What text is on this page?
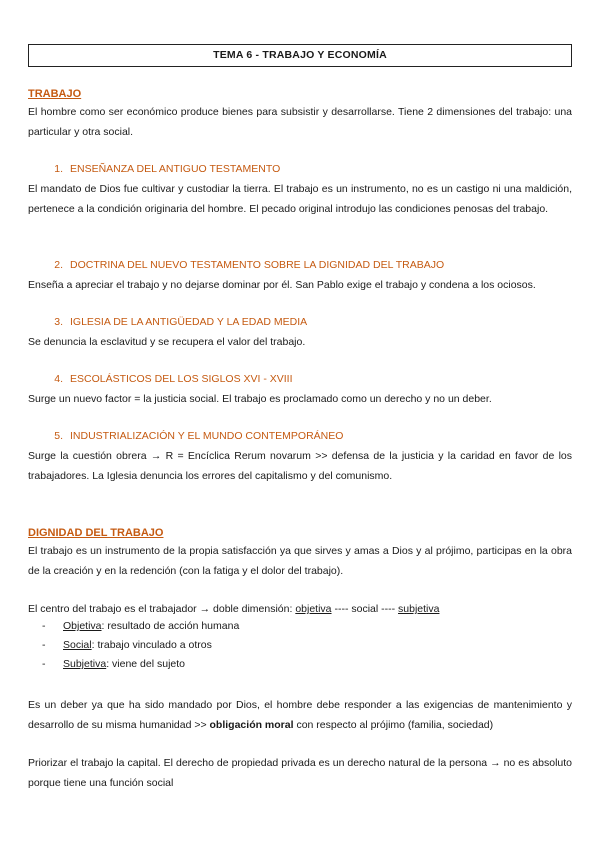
TEMA 6 - TRABAJO Y ECONOMÍA
TRABAJO
El hombre como ser económico produce bienes para subsistir y desarrollarse. Tiene 2 dimensiones del trabajo: una particular y otra social.
1. ENSEÑANZA DEL ANTIGUO TESTAMENTO
El mandato de Dios fue cultivar y custodiar la tierra. El trabajo es un instrumento, no es un castigo ni una maldición, pertenece a la condición originaria del hombre. El pecado original introdujo las condiciones penosas del trabajo.
2. DOCTRINA DEL NUEVO TESTAMENTO SOBRE LA DIGNIDAD DEL TRABAJO
Enseña a apreciar el trabajo y no dejarse dominar por él. San Pablo exige el trabajo y condena a los ociosos.
3. IGLESIA DE LA ANTIGÜEDAD Y LA EDAD MEDIA
Se denuncia la esclavitud y se recupera el valor del trabajo.
4. ESCOLÁSTICOS DEL LOS SIGLOS XVI - XVIII
Surge un nuevo factor = la justicia social. El trabajo es proclamado como un derecho y no un deber.
5. INDUSTRIALIZACIÓN Y EL MUNDO CONTEMPORÁNEO
Surge la cuestión obrera → R = Encíclica Rerum novarum >> defensa de la justicia y la caridad en favor de los trabajadores. La Iglesia denuncia los errores del capitalismo y del comunismo.
DIGNIDAD DEL TRABAJO
El trabajo es un instrumento de la propia satisfacción ya que sirves y amas a Dios y al prójimo, participas en la obra de la creación y en la redención (con la fatiga y el dolor del trabajo).
El centro del trabajo es el trabajador → doble dimensión: objetiva ---- social ---- subjetiva
- Objetiva: resultado de acción humana
- Social: trabajo vinculado a otros
- Subjetiva: viene del sujeto
Es un deber ya que ha sido mandado por Dios, el hombre debe responder a las exigencias de mantenimiento y desarrollo de su misma humanidad >> obligación moral con respecto al prójimo (familia, sociedad)
Priorizar el trabajo la capital. El derecho de propiedad privada es un derecho natural de la persona → no es absoluto porque tiene una función social
